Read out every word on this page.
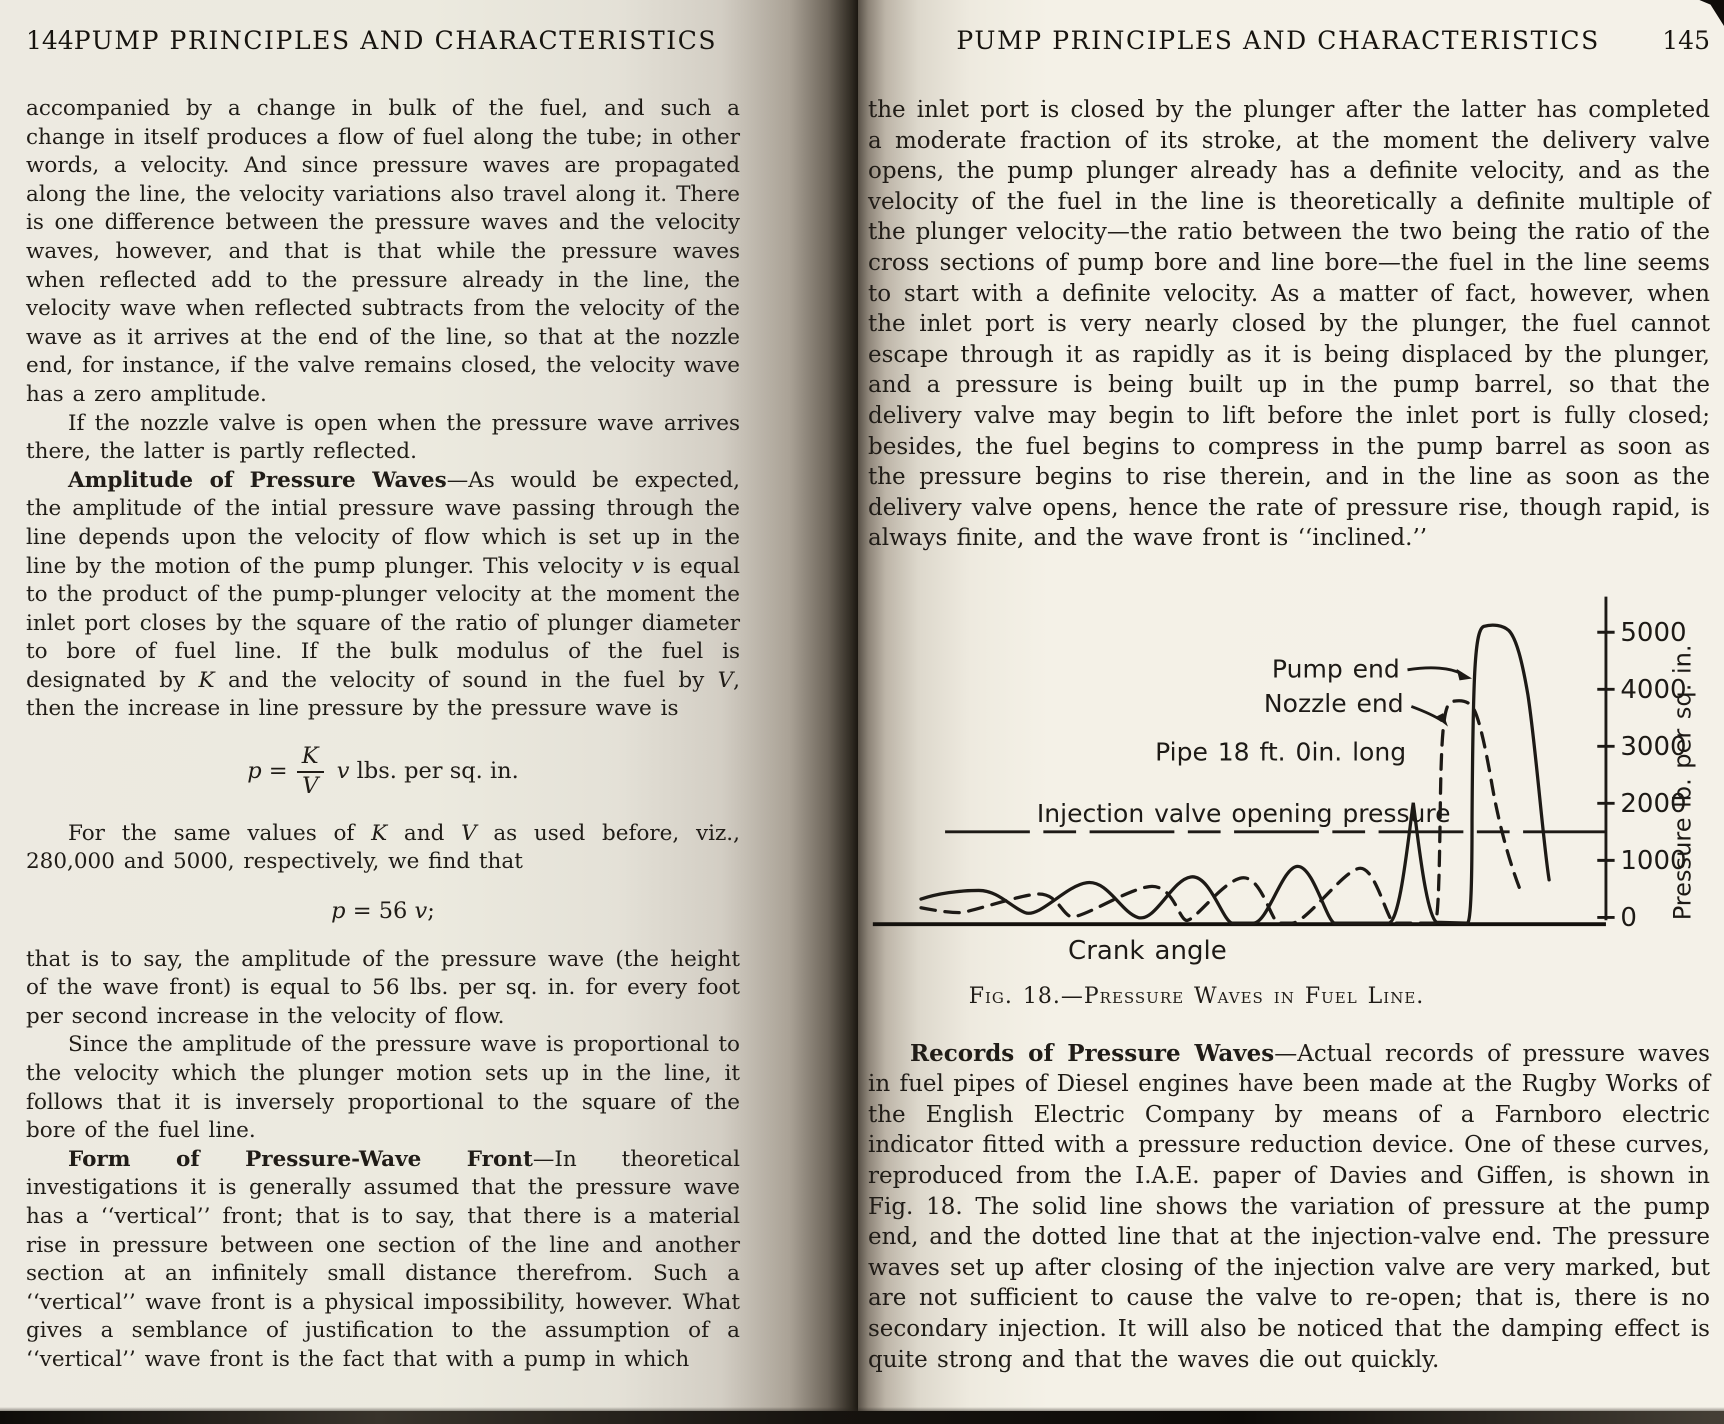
144 PUMP PRINCIPLES AND CHARACTERISTICS

accompanied by a change in bulk of the fuel, and such a change in itself produces a flow of fuel along the tube; in other words, a velocity. And since pressure waves are propagated along the line, the velocity variations also travel along it. There is one difference between the pressure waves and the velocity waves, however, and that is that while the pressure waves when reflected add to the pressure already in the line, the velocity wave when reflected subtracts from the velocity of the wave as it arrives at the end of the line, so that at the nozzle end, for instance, if the valve remains closed, the velocity wave has a zero amplitude.

If the nozzle valve is open when the pressure wave arrives there, the latter is partly reflected.

Amplitude of Pressure Waves—As would be expected, the amplitude of the intial pressure wave passing through the line depends upon the velocity of flow which is set up in the line by the motion of the pump plunger. This velocity v is equal to the product of the pump-plunger velocity at the moment the inlet port closes by the square of the ratio of plunger diameter to bore of fuel line. If the bulk modulus of the fuel is designated by K and the velocity of sound in the fuel by V, then the increase in line pressure by the pressure wave is

$p = \frac{K}{V}$ v lbs. per sq. in.

For the same values of K and V as used before, viz., 280,000 and 5000, respectively, we find that

p = 56 v;

that is to say, the amplitude of the pressure wave (the height of the wave front) is equal to 56 lbs. per sq. in. for every foot per second increase in the velocity of flow.

Since the amplitude of the pressure wave is proportional to the velocity which the plunger motion sets up in the line, it follows that it is inversely proportional to the square of the bore of the fuel line.

Form of Pressure-Wave Front—In theoretical investigations it is generally assumed that the pressure wave has a ‘‘vertical’’ front; that is to say, that there is a material rise in pressure between one section of the line and another section at an infinitely small distance therefrom. Such a ‘‘vertical’’ wave front is a physical impossibility, however. What gives a semblance of justification to the assumption of a ‘‘vertical’’ wave front is the fact that with a pump in which

PUMP PRINCIPLES AND CHARACTERISTICS	145

the inlet port is closed by the plunger after the latter has completed a moderate fraction of its stroke, at the moment the delivery valve opens, the pump plunger already has a definite velocity, and as the velocity of the fuel in the line is theoretically a definite multiple of the plunger velocity—the ratio between the two being the ratio of the cross sections of pump bore and line bore—the fuel in the line seems to start with a definite velocity. As a matter of fact, however, when the inlet port is very nearly closed by the plunger, the fuel cannot escape through it as rapidly as it is being displaced by the plunger, and a pressure is being built up in the pump barrel, so that the delivery valve may begin to lift before the inlet port is fully closed; besides, the fuel begins to compress in the pump barrel as soon as the pressure begins to rise therein, and in the line as soon as the delivery valve opens, hence the rate of pressure rise, though rapid, is always finite, and the wave front is ‘‘inclined.’’

0
1000
2000
3000
4000
5000
Pump end
Nozzle end
Pipe 18 ft. 0in. long
Injection valve opening pressure
Crank angle
Pressure lb. per sq. in.
Fig. 18.—Pressure Waves in Fuel Line.

Records of Pressure Waves—Actual records of pressure waves in fuel pipes of Diesel engines have been made at the Rugby Works of the English Electric Company by means of a Farnboro electric indicator fitted with a pressure reduction device. One of these curves, reproduced from the I.A.E. paper of Davies and Giffen, is shown in Fig. 18. The solid line shows the variation of pressure at the pump end, and the dotted line that at the injection-valve end. The pressure waves set up after closing of the injection valve are very marked, but are not sufficient to cause the valve to re-open; that is, there is no secondary injection. It will also be noticed that the damping effect is quite strong and that the waves die out quickly.
